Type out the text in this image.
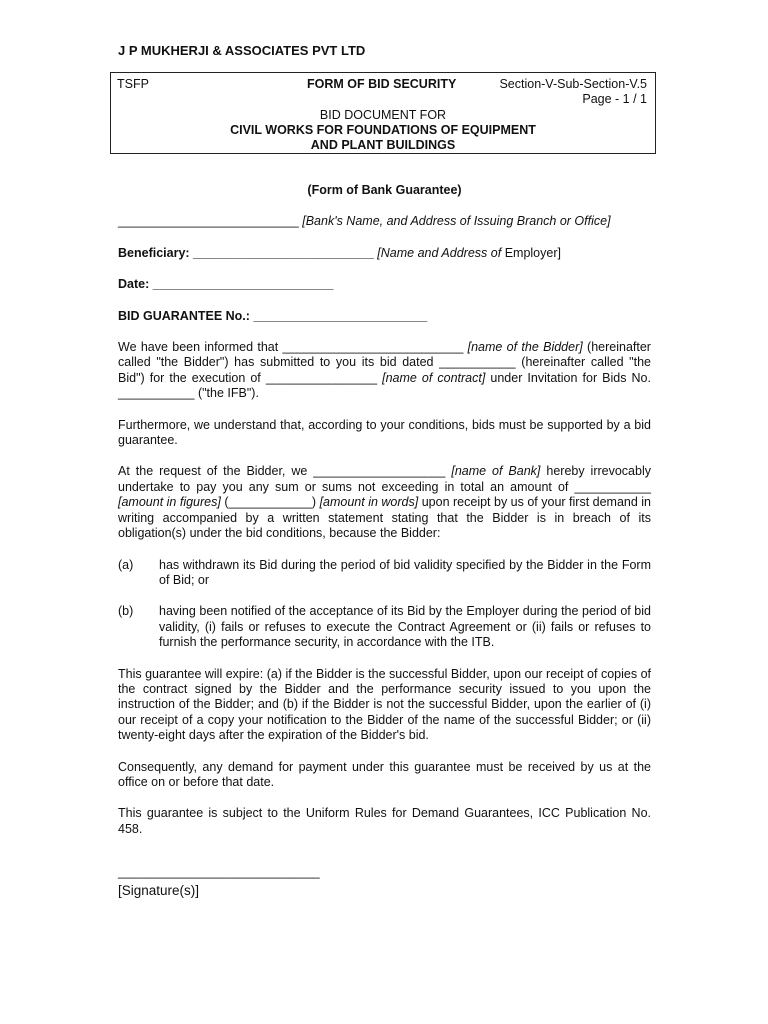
J P MUKHERJI & ASSOCIATES PVT LTD
TSFP	FORM OF BID SECURITY	Section-V-Sub-Section-V.5
Page - 1 / 1
BID DOCUMENT FOR
CIVIL WORKS FOR FOUNDATIONS OF EQUIPMENT
AND PLANT BUILDINGS

(Form of Bank Guarantee)

__________________________ [Bank's Name, and Address of Issuing Branch or Office]

Beneficiary: __________________________ [Name and Address of Employer]

Date: __________________________

BID GUARANTEE No.: _________________________

We have been informed that __________________________ [name of the Bidder] (hereinafter called "the Bidder") has submitted to you its bid dated ___________ (hereinafter called "the Bid") for the execution of ________________ [name of contract] under Invitation for Bids No. ___________ ("the IFB").

Furthermore, we understand that, according to your conditions, bids must be supported by a bid guarantee.

At the request of the Bidder, we ___________________ [name of Bank] hereby irrevocably undertake to pay you any sum or sums not exceeding in total an amount of ___________ [amount in figures] (____________) [amount in words] upon receipt by us of your first demand in writing accompanied by a written statement stating that the Bidder is in breach of its obligation(s) under the bid conditions, because the Bidder:

(a)	has withdrawn its Bid during the period of bid validity specified by the Bidder in the Form of Bid; or
(b)	having been notified of the acceptance of its Bid by the Employer during the period of bid validity, (i) fails or refuses to execute the Contract Agreement or (ii) fails or refuses to furnish the performance security, in accordance with the ITB.

This guarantee will expire: (a) if the Bidder is the successful Bidder, upon our receipt of copies of the contract signed by the Bidder and the performance security issued to you upon the instruction of the Bidder; and (b) if the Bidder is not the successful Bidder, upon the earlier of (i) our receipt of a copy your notification to the Bidder of the name of the successful Bidder; or (ii) twenty-eight days after the expiration of the Bidder's bid.

Consequently, any demand for payment under this guarantee must be received by us at the office on or before that date.

This guarantee is subject to the Uniform Rules for Demand Guarantees, ICC Publication No. 458.

_____________________________
[Signature(s)]
